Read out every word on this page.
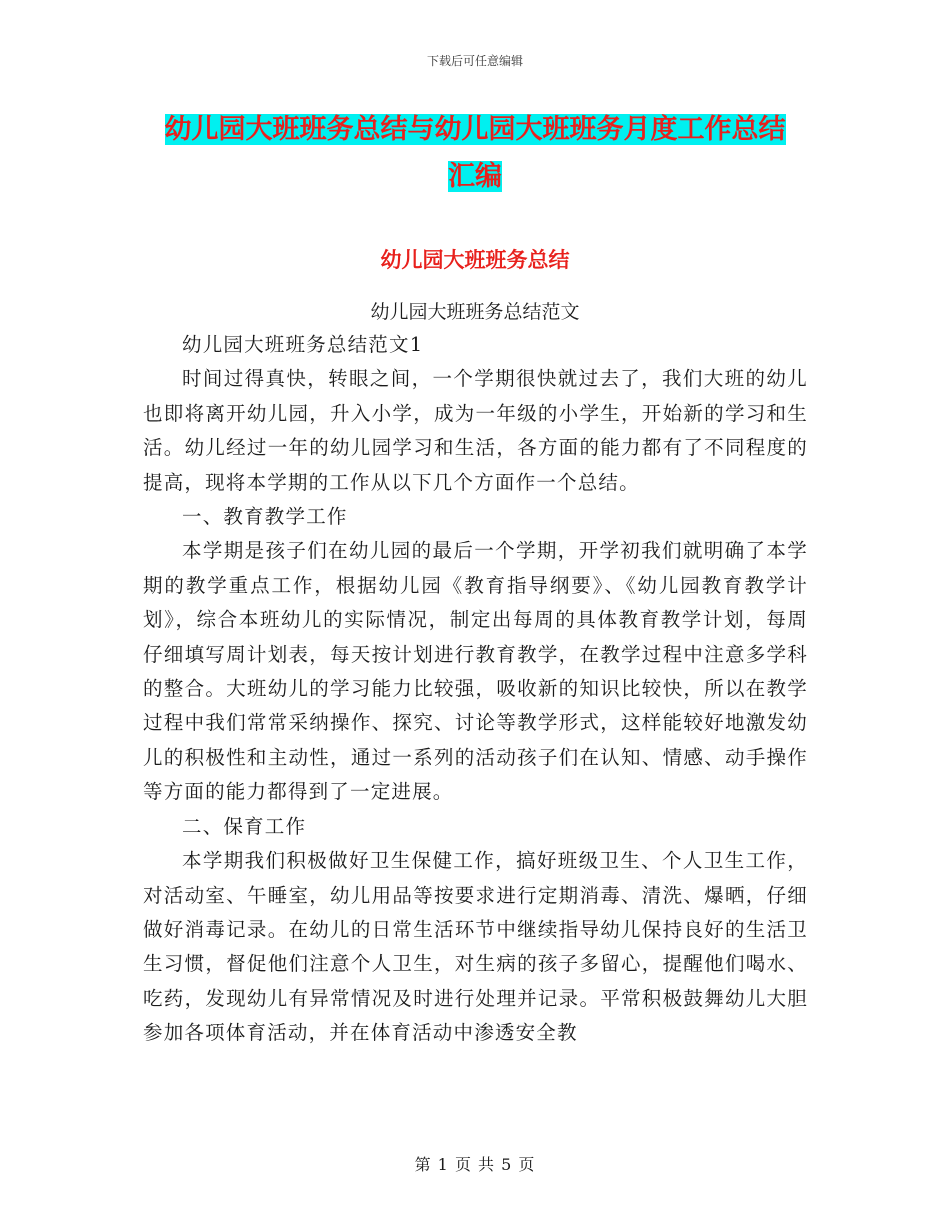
下载后可任意编辑
幼儿园大班班务总结与幼儿园大班班务月度工作总结
汇编
幼儿园大班班务总结
幼儿园大班班务总结范文

幼儿园大班班务总结范文1

时间过得真快，转眼之间，一个学期很快就过去了，我们大班的幼儿也即将离开幼儿园，升入小学，成为一年级的小学生，开始新的学习和生活。幼儿经过一年的幼儿园学习和生活，各方面的能力都有了不同程度的提高，现将本学期的工作从以下几个方面作一个总结。

一、教育教学工作

本学期是孩子们在幼儿园的最后一个学期，开学初我们就明确了本学期的教学重点工作，根据幼儿园《教育指导纲要》、《幼儿园教育教学计划》，综合本班幼儿的实际情况，制定出每周的具体教育教学计划，每周仔细填写周计划表，每天按计划进行教育教学，在教学过程中注意多学科的整合。大班幼儿的学习能力比较强，吸收新的知识比较快，所以在教学过程中我们常常采纳操作、探究、讨论等教学形式，这样能较好地激发幼儿的积极性和主动性，通过一系列的活动孩子们在认知、情感、动手操作等方面的能力都得到了一定进展。

二、保育工作

本学期我们积极做好卫生保健工作，搞好班级卫生、个人卫生工作，对活动室、午睡室，幼儿用品等按要求进行定期消毒、清洗、爆晒，仔细做好消毒记录。在幼儿的日常生活环节中继续指导幼儿保持良好的生活卫生习惯，督促他们注意个人卫生，对生病的孩子多留心，提醒他们喝水、吃药，发现幼儿有异常情况及时进行处理并记录。平常积极鼓舞幼儿大胆参加各项体育活动，并在体育活动中渗透安全教

第 1 页 共 5 页
